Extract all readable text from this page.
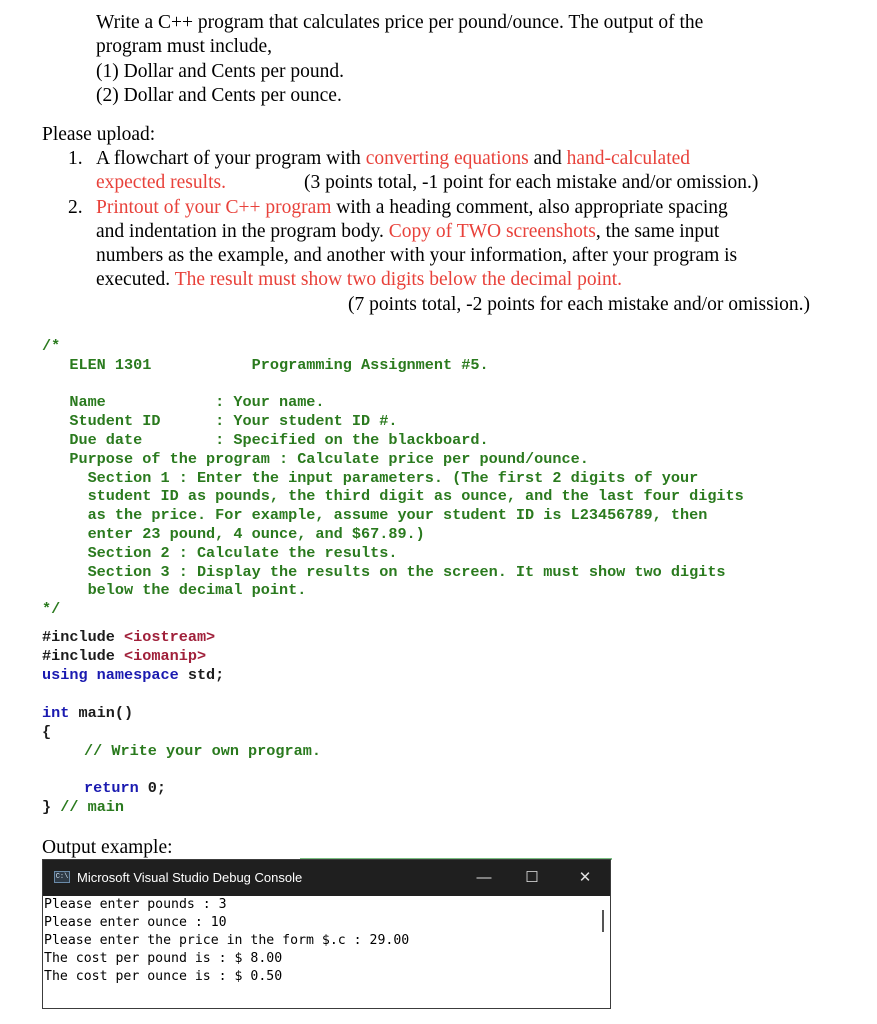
Write a C++ program that calculates price per pound/ounce. The output of the
program must include,
(1) Dollar and Cents per pound.
(2) Dollar and Cents per ounce.
Please upload:
1. A flowchart of your program with converting equations and hand-calculated
expected results.	(3 points total, -1 point for each mistake and/or omission.)
2. Printout of your C++ program with a heading comment, also appropriate spacing
and indentation in the program body. Copy of TWO screenshots, the same input
numbers as the example, and another with your information, after your program is
executed. The result must show two digits below the decimal point.
(7 points total, -2 points for each mistake and/or omission.)
/*
ELEN 1301           Programming Assignment #5.
Name            : Your name.
Student ID      : Your student ID #.
Due date        : Specified on the blackboard.
Purpose of the program : Calculate price per pound/ounce.
Section 1 : Enter the input parameters. (The first 2 digits of your
student ID as pounds, the third digit as ounce, and the last four digits
as the price. For example, assume your student ID is L23456789, then
enter 23 pound, 4 ounce, and $67.89.)
Section 2 : Calculate the results.
Section 3 : Display the results on the screen. It must show two digits
below the decimal point.
*/
#include <iostream>
#include <iomanip>
using namespace std;
int main()
{
// Write your own program.
return 0;
} // main
Output example:
C:\ Microsoft Visual Studio Debug Console	—	☐	✕
Please enter pounds : 3
Please enter ounce : 10
Please enter the price in the form $.c : 29.00
The cost per pound is : $ 8.00
The cost per ounce is : $ 0.50
